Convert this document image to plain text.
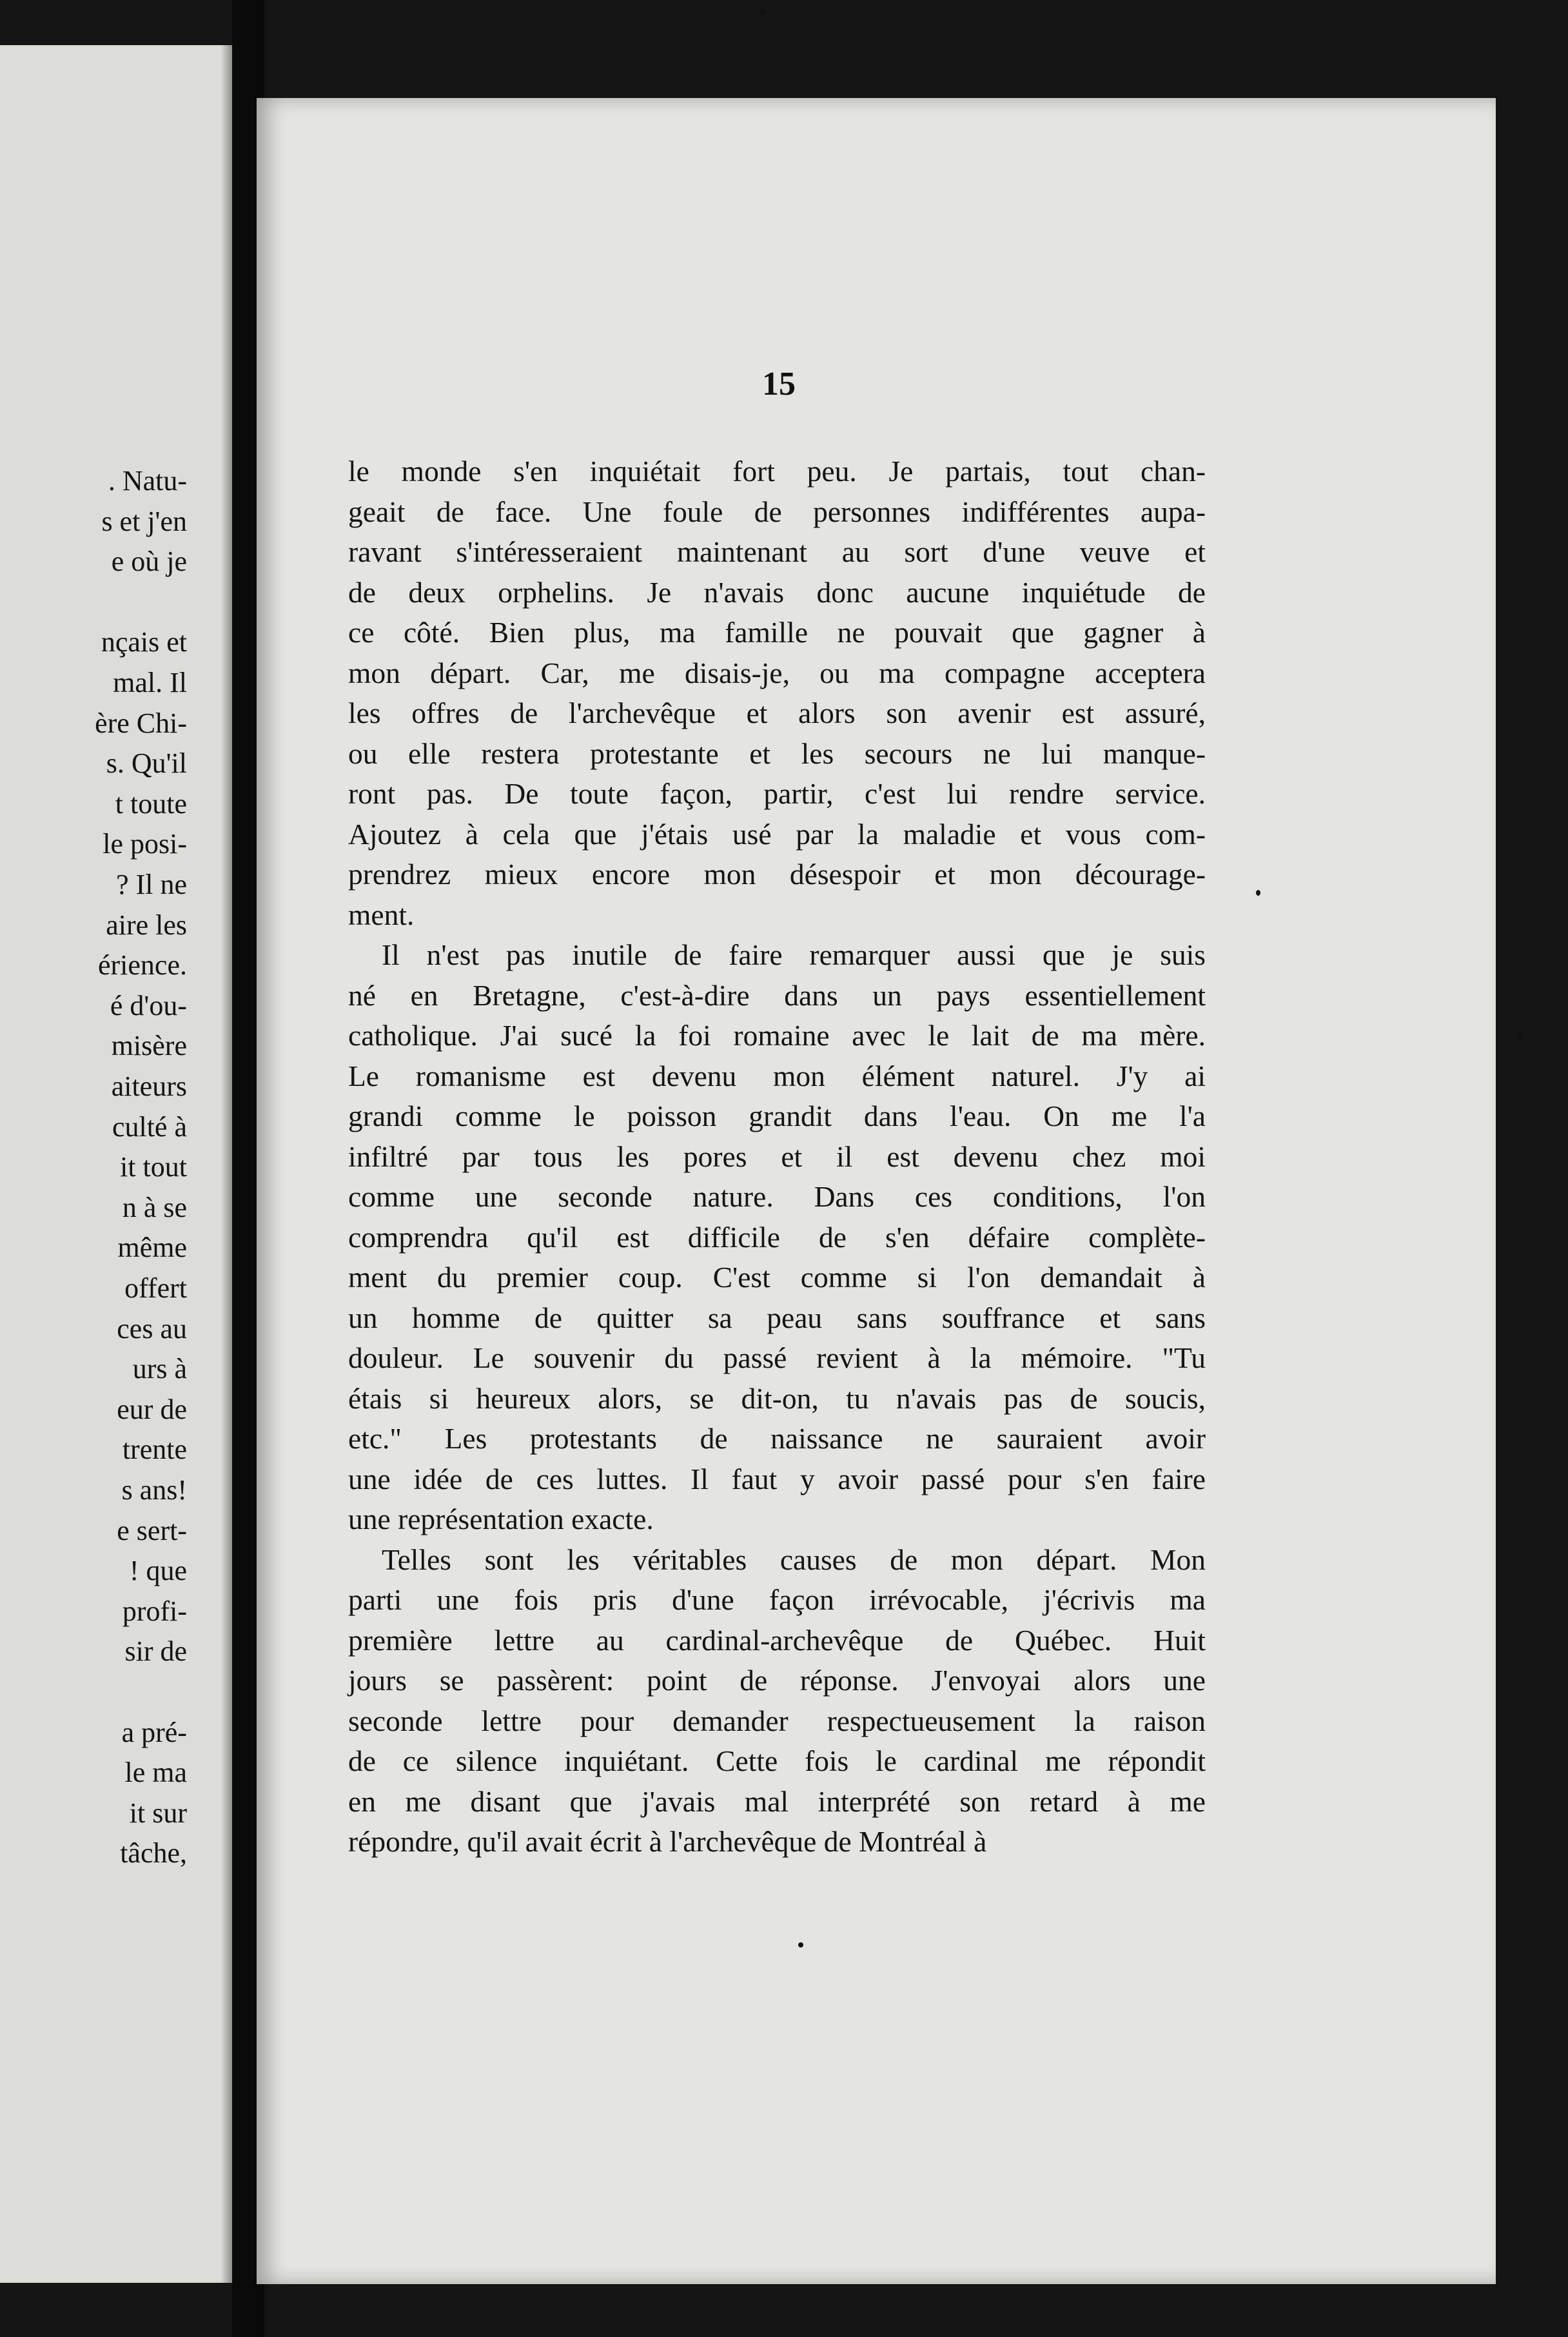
. Natu-
s et j'en
e où je
nçais et
mal. Il
ère Chi-
s. Qu'il
t toute
le posi-
? Il ne
aire les
érience.
é d'ou-
misère
aiteurs
culté à
it tout
n à se
même
offert
ces au
urs à
eur de
trente
s ans!
e sert-
! que
profi-
sir de
a pré-
le ma
it sur
tâche,
15
le monde s'en inquiétait fort peu. Je partais, tout chan-
geait de face. Une foule de personnes indifférentes aupa-
ravant s'intéresseraient maintenant au sort d'une veuve et
de deux orphelins. Je n'avais donc aucune inquiétude de
ce côté. Bien plus, ma famille ne pouvait que gagner à
mon départ. Car, me disais-je, ou ma compagne acceptera
les offres de l'archevêque et alors son avenir est assuré,
ou elle restera protestante et les secours ne lui manque-
ront pas. De toute façon, partir, c'est lui rendre service.
Ajoutez à cela que j'étais usé par la maladie et vous com-
prendrez mieux encore mon désespoir et mon décourage-
ment.
Il n'est pas inutile de faire remarquer aussi que je suis
né en Bretagne, c'est-à-dire dans un pays essentiellement
catholique. J'ai sucé la foi romaine avec le lait de ma mère.
Le romanisme est devenu mon élément naturel. J'y ai
grandi comme le poisson grandit dans l'eau. On me l'a
infiltré par tous les pores et il est devenu chez moi
comme une seconde nature. Dans ces conditions, l'on
comprendra qu'il est difficile de s'en défaire complète-
ment du premier coup. C'est comme si l'on demandait à
un homme de quitter sa peau sans souffrance et sans
douleur. Le souvenir du passé revient à la mémoire. "Tu
étais si heureux alors, se dit-on, tu n'avais pas de soucis,
etc." Les protestants de naissance ne sauraient avoir
une idée de ces luttes. Il faut y avoir passé pour s'en faire
une représentation exacte.
Telles sont les véritables causes de mon départ. Mon
parti une fois pris d'une façon irrévocable, j'écrivis ma
première lettre au cardinal-archevêque de Québec. Huit
jours se passèrent: point de réponse. J'envoyai alors une
seconde lettre pour demander respectueusement la raison
de ce silence inquiétant. Cette fois le cardinal me répondit
en me disant que j'avais mal interprété son retard à me
répondre, qu'il avait écrit à l'archevêque de Montréal à
